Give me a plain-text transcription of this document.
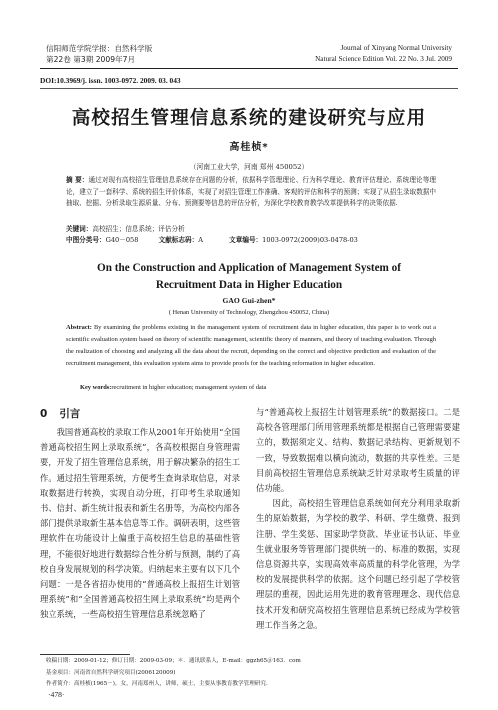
信阳师范学院学报：自然科学版
第22卷 第3期 2009年7月
Journal of Xinyang Normal University
Natural Science Edition Vol. 22 No. 3 Jul. 2009
DOI:10.3969/j. issn. 1003-0972. 2009. 03. 043
高校招生管理信息系统的建设研究与应用
高桂桢*
（河南工业大学，河南 郑州 450052）
摘 要：通过对现有高校招生管理信息系统存在问题的分析，依据科学管理理论、行为科学理论、教育评估理论、系统理论等理论，建立了一套科学、系统的招生评价体系，实现了对招生管理工作准确、客观的评估和科学的预测；实现了从招生录取数据中抽取、挖掘、分析录取生源质量、分布、预测要等信息的评估分析，为深化学校教育教学改革提供科学的决策依据.
关键词：高校招生；信息系统；评估分析
中图分类号：G40－058	文献标志码：A	文章编号：1003-0972(2009)03-0478-03
On the Construction and Application of Management System of Recruitment Data in Higher Education
GAO Gui-zhen*
( Henan University of Technology, Zhengzhou 450052, China)
Abstract: By examining the problems existing in the management system of recruitment data in higher education, this paper is to work out a scientific evaluation system based on theory of scientific management, scientific theory of manners, and theory of teaching evaluation. Through the realization of choosing and analyzing all the data about the recruit, depending on the correct and objective prediction and evaluation of the recruitment management, this evaluation system aims to provide proofs for the teaching reformation in higher education.
Key words:recruitment in higher education; management system of data
0 引言

我国普通高校的录取工作从2001年开始使用“全国普通高校招生网上录取系统”，各高校根据自身管理需要，开发了招生管理信息系统，用于解决繁杂的招生工作。通过招生管理系统，方便考生查询录取信息，对录取数据进行转换，实现自动分班，打印考生录取通知书、信封、新生统计报表和新生名册等，为高校内部各部门提供录取新生基本信息等工作。调研表明，这些管理软件在功能设计上偏重于高校招生信息的基础性管理，不能很好地进行数据综合性分析与预测，制约了高校自身发展规划的科学决策。归纳起来主要有以下几个问题：一是各省招办使用的“普通高校上报招生计划管理系统”和“全国普通高校招生网上录取系统”均是两个独立系统，一些高校招生管理信息系统忽略了

与“普通高校上报招生计划管理系统”的数据接口。二是高校各管理部门所用管理系统都是根据自己管理需要建立的，数据须定义、结构、数据记录结构、更新规划不一致，导致数据难以横向流动，数据的共享性差。三是目前高校招生管理信息系统缺乏针对录取考生质量的评估功能。

因此，高校招生管理信息系统如何充分利用录取新生的原始数据，为学校的教学、科研、学生缴费、报到注册、学生奖惩、国家助学贷款、毕业证书认证、毕业生就业服务等管理部门提供统一的、标准的数据，实现信息资源共享，实现高效率高质量的科学化管理，为学校的发展提供科学的依据。这个问题已经引起了学校管理层的重视，因此运用先进的教育管理理念、现代信息技术开发和研究高校招生管理信息系统已经成为学校管理工作当务之急。

收稿日期：2009-01-12；修订日期：2009-03-09；＊．通讯联系人，E-mail：ggzh65＠163．com
基金项目：河南省自然科学研究项目(2006120009)
作者简介：高桂桢(1965－)，女，河南郑州人，讲师，硕士，主要从事教育教学管理研究.
·478·
